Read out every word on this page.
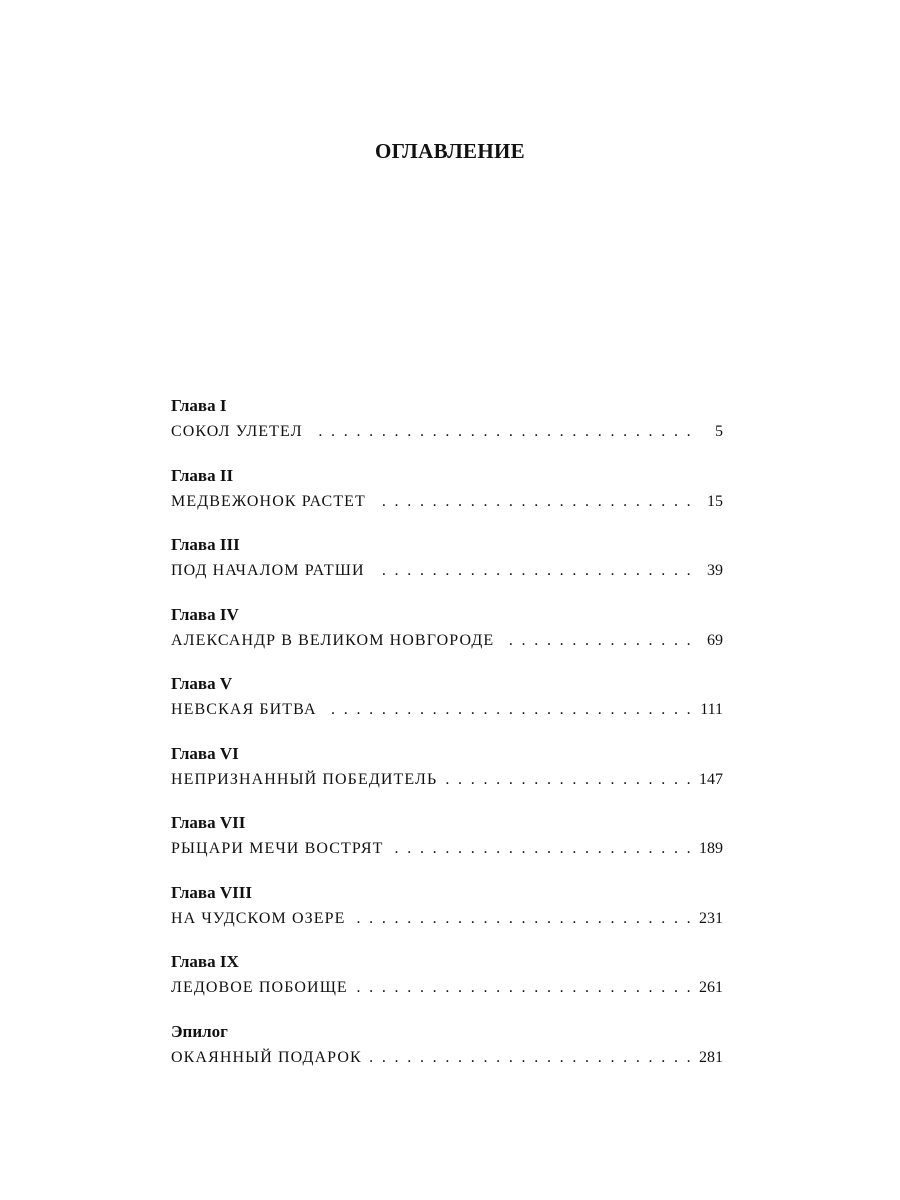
ОГЛАВЛЕНИЕ
Глава I
СОКОЛ УЛЕТЕЛ . . .	5
Глава II
МЕДВЕЖОНОК РАСТЕТ . . .	15
Глава III
ПОД НАЧАЛОМ РАТШИ . . .	39
Глава IV
АЛЕКСАНДР В ВЕЛИКОМ НОВГОРОДЕ . . .	69
Глава V
НЕВСКАЯ БИТВА . . .	111
Глава VI
НЕПРИЗНАННЫЙ ПОБЕДИТЕЛЬ . . .	147
Глава VII
РЫЦАРИ МЕЧИ ВОСТРЯТ . . .	189
Глава VIII
НА ЧУДСКОМ ОЗЕРЕ . . .	231
Глава IX
ЛЕДОВОЕ ПОБОИЩЕ . . .	261
Эпилог
ОКАЯННЫЙ ПОДАРОК . . .	281
